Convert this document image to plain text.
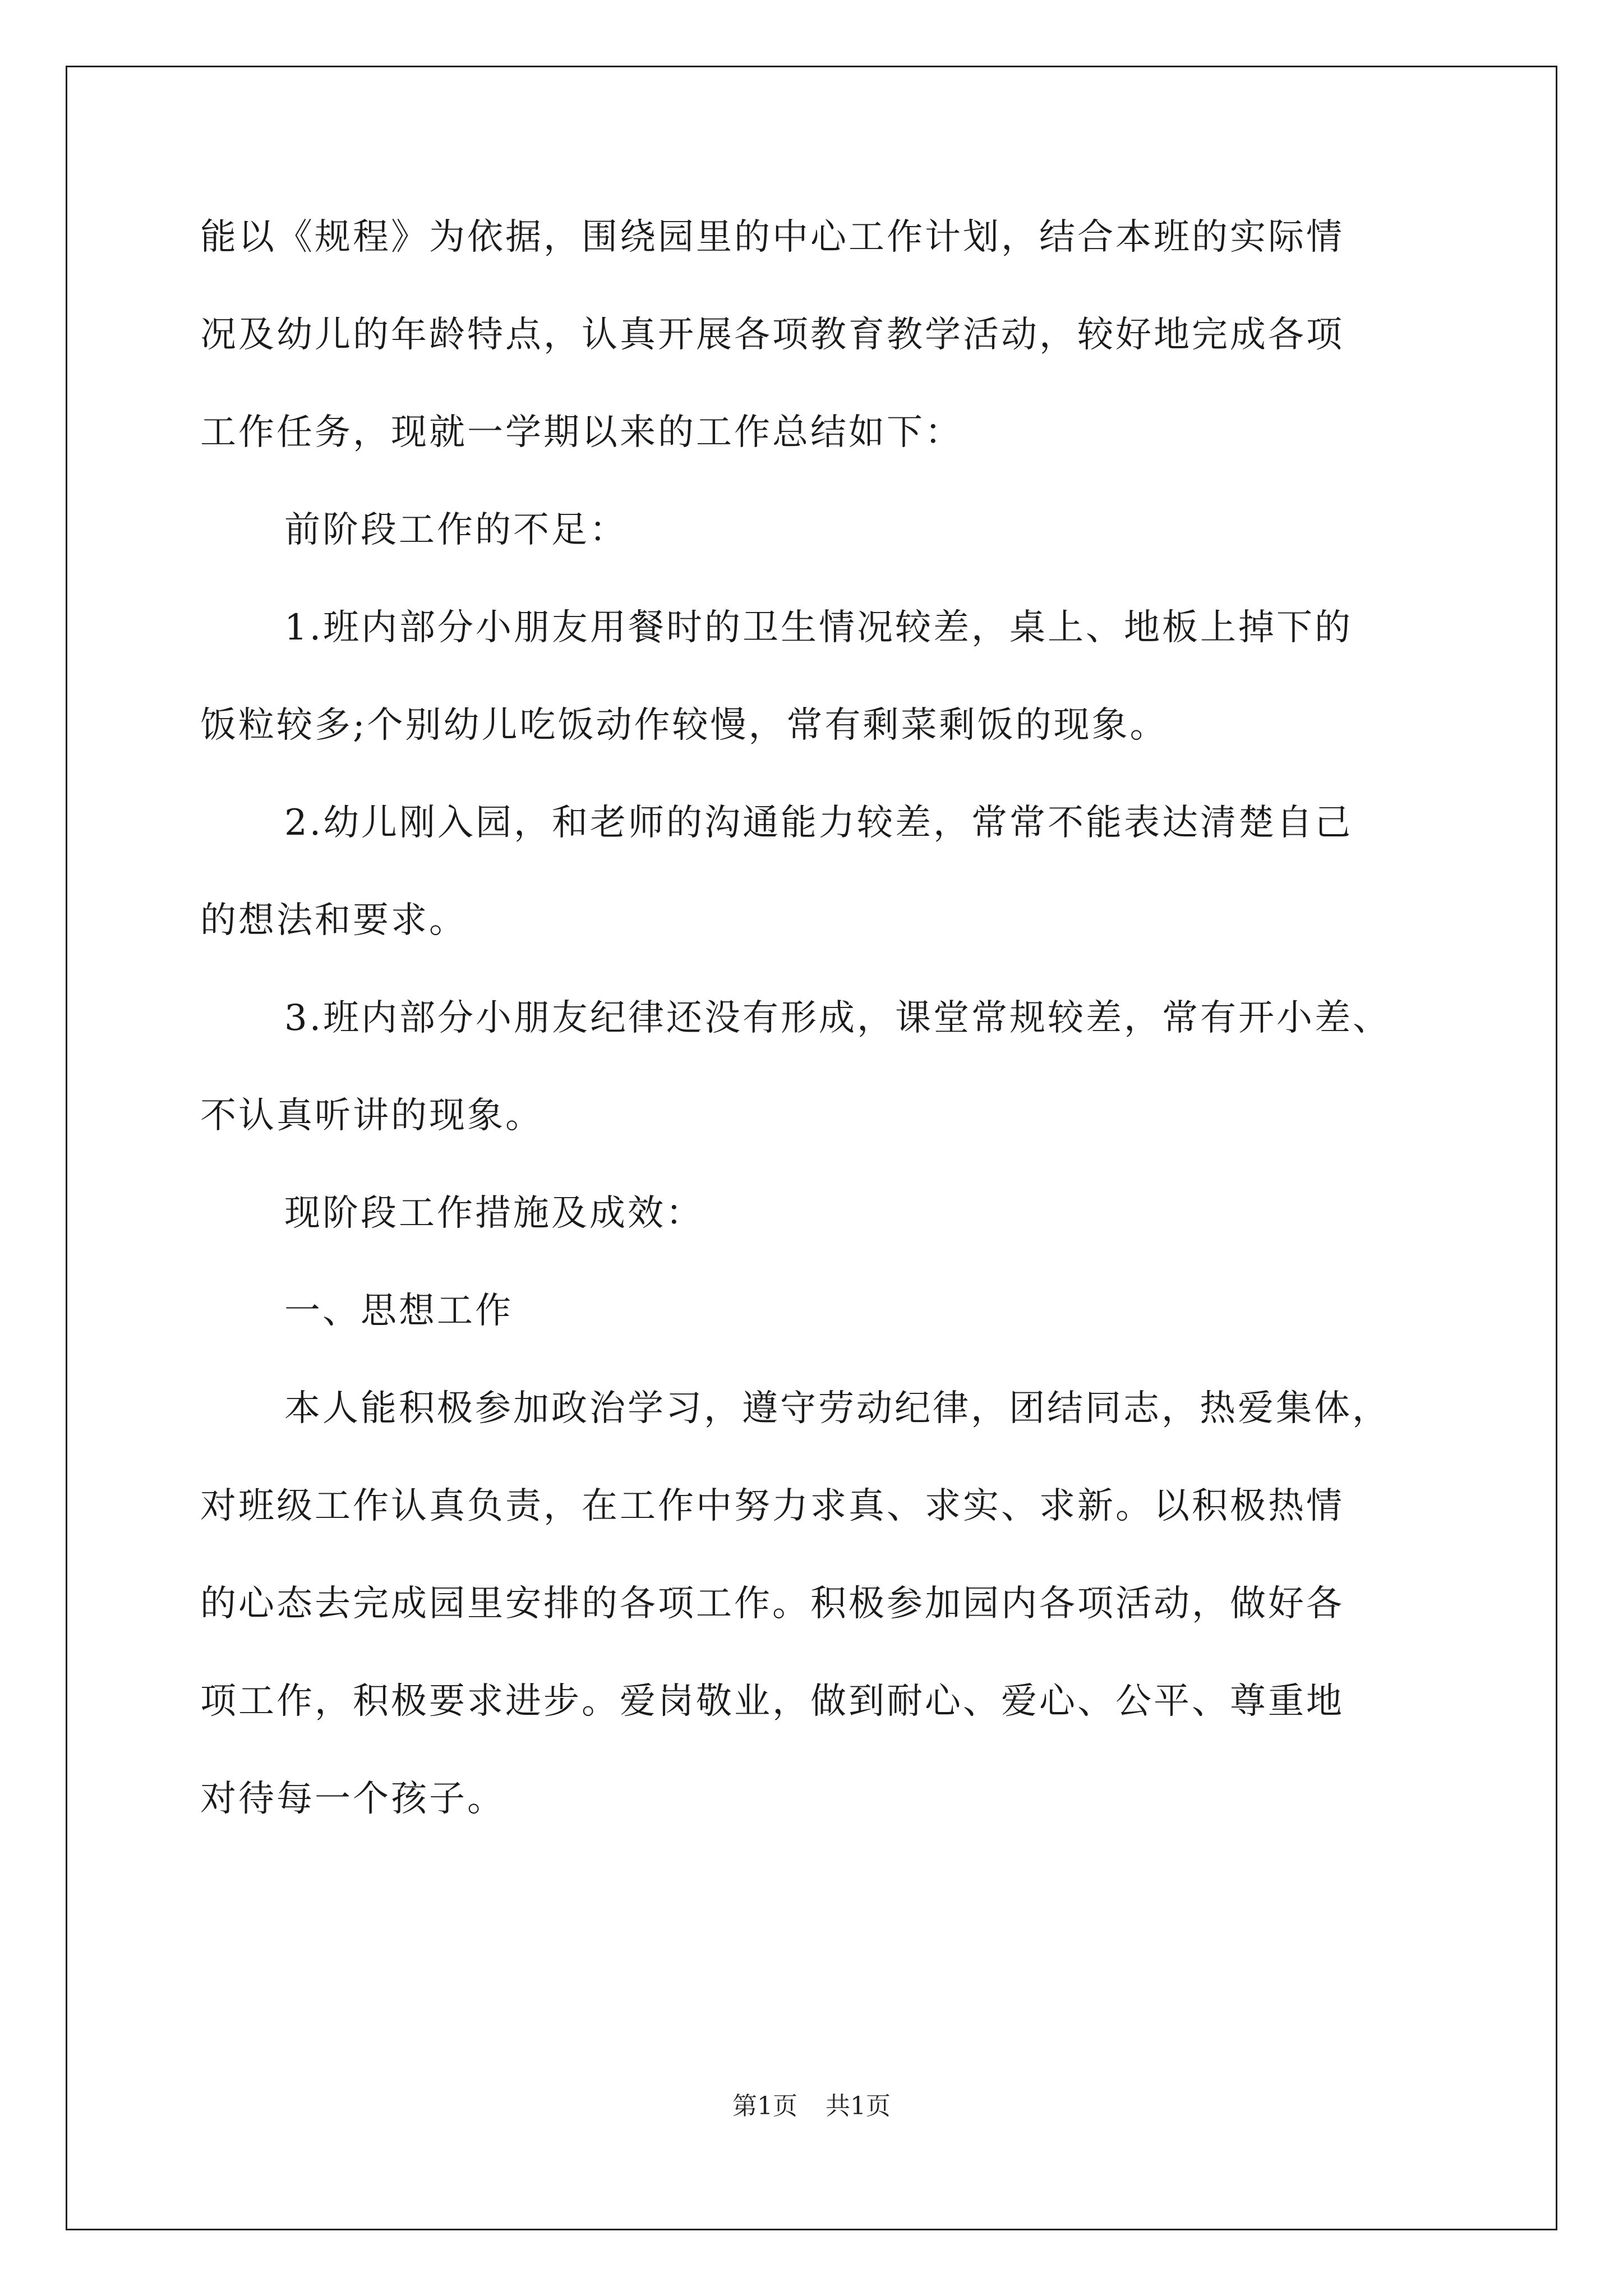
能以《规程》为依据，围绕园里的中心工作计划，结合本班的实际情
况及幼儿的年龄特点，认真开展各项教育教学活动，较好地完成各项
工作任务，现就一学期以来的工作总结如下：
前阶段工作的不足：
1.班内部分小朋友用餐时的卫生情况较差，桌上、地板上掉下的
饭粒较多;个别幼儿吃饭动作较慢，常有剩菜剩饭的现象。
2.幼儿刚入园，和老师的沟通能力较差，常常不能表达清楚自己
的想法和要求。
3.班内部分小朋友纪律还没有形成，课堂常规较差，常有开小差、
不认真听讲的现象。
现阶段工作措施及成效：
一、思想工作
本人能积极参加政治学习，遵守劳动纪律，团结同志，热爱集体，
对班级工作认真负责，在工作中努力求真、求实、求新。以积极热情
的心态去完成园里安排的各项工作。积极参加园内各项活动，做好各
项工作，积极要求进步。爱岗敬业，做到耐心、爱心、公平、尊重地
对待每一个孩子。
第1页 共1页
